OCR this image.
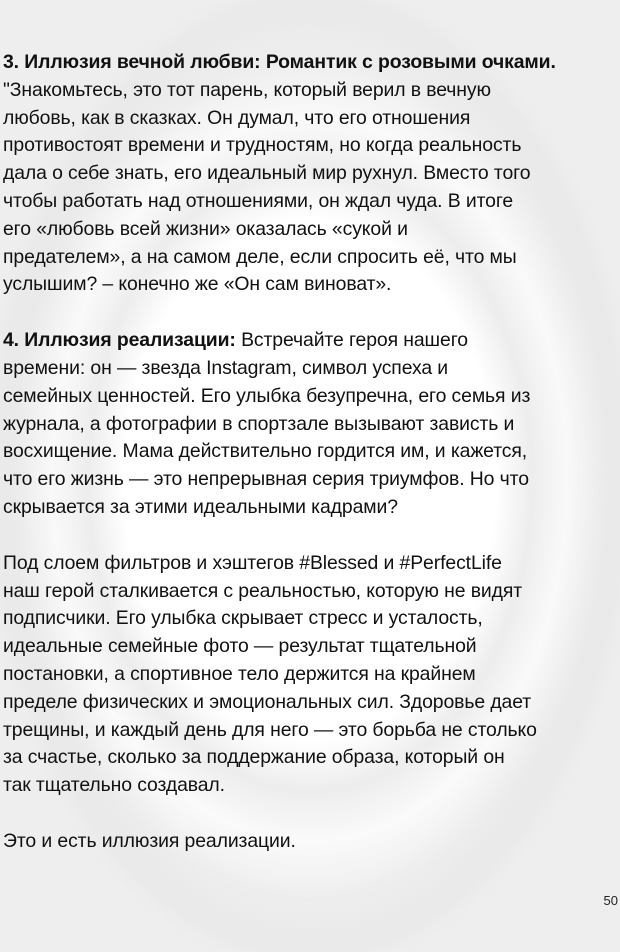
3. Иллюзия вечной любви: Романтик с розовыми очками.
"Знакомьтесь, это тот парень, который верил в вечную
любовь, как в сказках. Он думал, что его отношения
противостоят времени и трудностям, но когда реальность
дала о себе знать, его идеальный мир рухнул. Вместо того
чтобы работать над отношениями, он ждал чуда. В итоге
его «любовь всей жизни» оказалась «сукой и
предателем», а на самом деле, если спросить её, что мы
услышим? – конечно же «Он сам виноват».
4. Иллюзия реализации: Встречайте героя нашего
времени: он — звезда Instagram, символ успеха и
семейных ценностей. Его улыбка безупречна, его семья из
журнала, а фотографии в спортзале вызывают зависть и
восхищение. Мама действительно гордится им, и кажется,
что его жизнь — это непрерывная серия триумфов. Но что
скрывается за этими идеальными кадрами?
Под слоем фильтров и хэштегов #Blessed и #PerfectLife
наш герой сталкивается с реальностью, которую не видят
подписчики. Его улыбка скрывает стресс и усталость,
идеальные семейные фото — результат тщательной
постановки, а спортивное тело держится на крайнем
пределе физических и эмоциональных сил. Здоровье дает
трещины, и каждый день для него — это борьба не столько
за счастье, сколько за поддержание образа, который он
так тщательно создавал.
Это и есть иллюзия реализации.
50
